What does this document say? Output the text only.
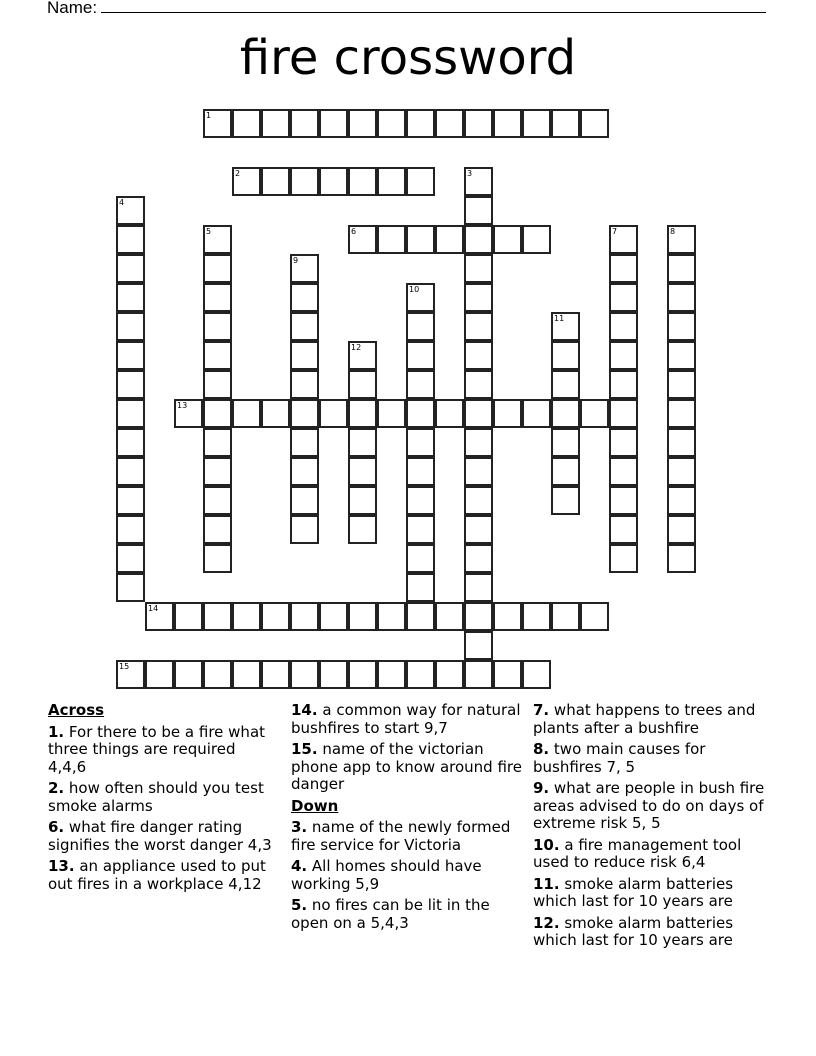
Name:
fire crossword
1
2	3
4
5	6	7	8
9
10
11
12
13
14
15
Across
1. For there to be a fire what three things are required 4,4,6
2. how often should you test smoke alarms
6. what fire danger rating signifies the worst danger 4,3
13. an appliance used to put out fires in a workplace 4,12
14. a common way for natural bushfires to start 9,7
15. name of the victorian phone app to know around fire danger
Down
3. name of the newly formed fire service for Victoria
4. All homes should have working 5,9
5. no fires can be lit in the open on a 5,4,3
7. what happens to trees and plants after a bushfire
8. two main causes for bushfires 7, 5
9. what are people in bush fire areas advised to do on days of extreme risk 5, 5
10. a fire management tool used to reduce risk 6,4
11. smoke alarm batteries which last for 10 years are
12. smoke alarm batteries which last for 10 years are
